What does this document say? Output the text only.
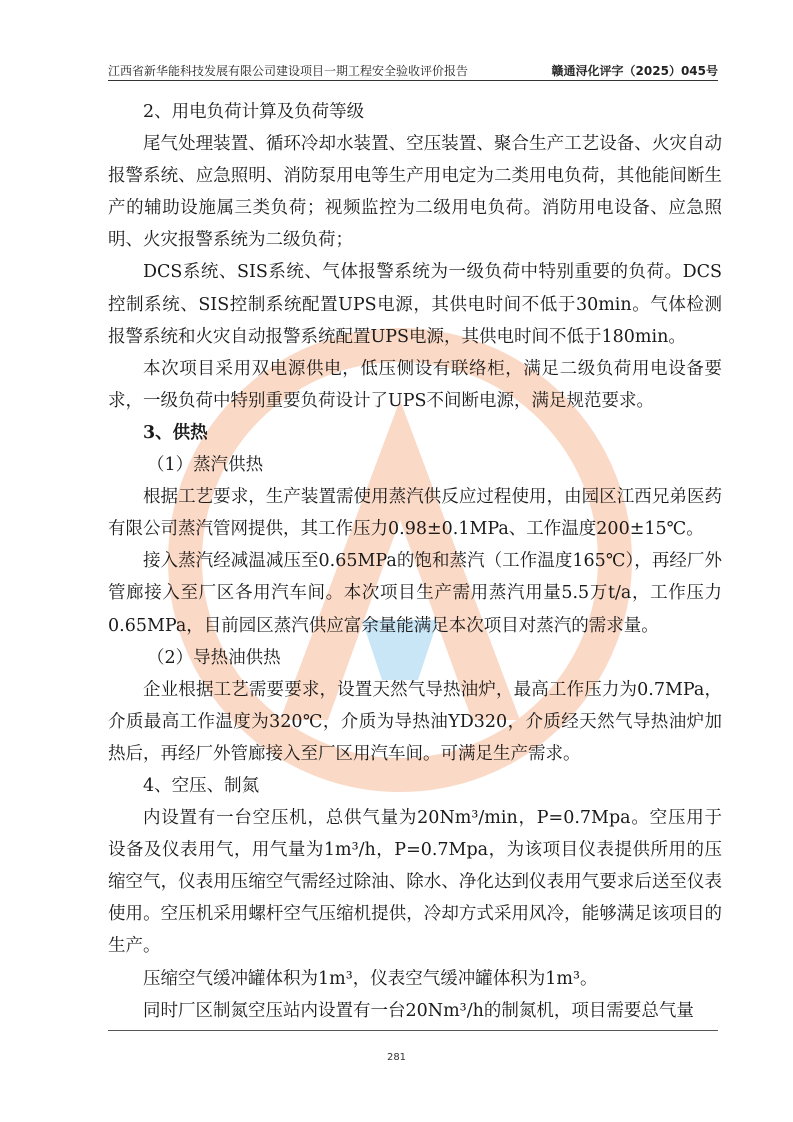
江西省新华能科技发展有限公司建设项目一期工程安全验收评价报告	赣通浔化评字（2025）045号

2、用电负荷计算及负荷等级

尾气处理装置、循环冷却水装置、空压装置、聚合生产工艺设备、火灾自动报警系统、应急照明、消防泵用电等生产用电定为二类用电负荷，其他能间断生产的辅助设施属三类负荷；视频监控为二级用电负荷。消防用电设备、应急照明、火灾报警系统为二级负荷；

DCS系统、SIS系统、气体报警系统为一级负荷中特别重要的负荷。DCS控制系统、SIS控制系统配置UPS电源，其供电时间不低于30min。气体检测报警系统和火灾自动报警系统配置UPS电源，其供电时间不低于180min。

本次项目采用双电源供电，低压侧设有联络柜，满足二级负荷用电设备要求，一级负荷中特别重要负荷设计了UPS不间断电源，满足规范要求。

3、供热

（1）蒸汽供热

根据工艺要求，生产装置需使用蒸汽供反应过程使用，由园区江西兄弟医药有限公司蒸汽管网提供，其工作压力0.98±0.1MPa、工作温度200±15℃。

接入蒸汽经减温减压至0.65MPa的饱和蒸汽（工作温度165℃），再经厂外管廊接入至厂区各用汽车间。本次项目生产需用蒸汽用量5.5万t/a，工作压力0.65MPa，目前园区蒸汽供应富余量能满足本次项目对蒸汽的需求量。

（2）导热油供热

企业根据工艺需要要求，设置天然气导热油炉，最高工作压力为0.7MPa，介质最高工作温度为320℃，介质为导热油YD320，介质经天然气导热油炉加热后，再经厂外管廊接入至厂区用汽车间。可满足生产需求。

4、空压、制氮

内设置有一台空压机，总供气量为20Nm³/min，P=0.7Mpa。空压用于设备及仪表用气，用气量为1m³/h，P=0.7Mpa，为该项目仪表提供所用的压缩空气，仪表用压缩空气需经过除油、除水、净化达到仪表用气要求后送至仪表使用。空压机采用螺杆空气压缩机提供，冷却方式采用风冷，能够满足该项目的生产。

压缩空气缓冲罐体积为1m³，仪表空气缓冲罐体积为1m³。

同时厂区制氮空压站内设置有一台20Nm³/h的制氮机，项目需要总气量

281
